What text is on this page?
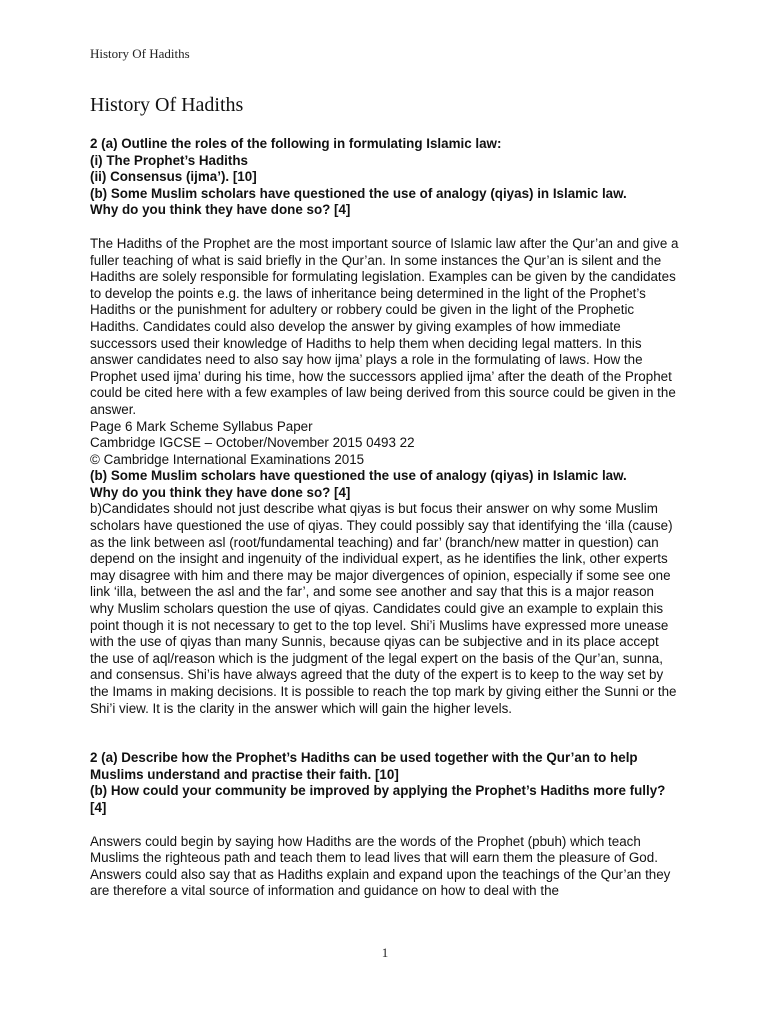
History Of Hadiths
History Of Hadiths

2 (a) Outline the roles of the following in formulating Islamic law:

(i) The Prophet’s Hadiths

(ii) Consensus (ijma’). [10]

(b) Some Muslim scholars have questioned the use of analogy (qiyas) in Islamic law.

Why do you think they have done so? [4]

The Hadiths of the Prophet are the most important source of Islamic law after the Qur’an and give a fuller teaching of what is said briefly in the Qur’an. In some instances the Qur’an is silent and the Hadiths are solely responsible for formulating legislation. Examples can be given by the candidates to develop the points e.g. the laws of inheritance being determined in the light of the Prophet’s Hadiths or the punishment for adultery or robbery could be given in the light of the Prophetic Hadiths. Candidates could also develop the answer by giving examples of how immediate successors used their knowledge of Hadiths to help them when deciding legal matters. In this answer candidates need to also say how ijma’ plays a role in the formulating of laws. How the Prophet used ijma’ during his time, how the successors applied ijma’ after the death of the Prophet could be cited here with a few examples of law being derived from this source could be given in the answer.

Page 6 Mark Scheme Syllabus Paper

Cambridge IGCSE – October/November 2015 0493 22

© Cambridge International Examinations 2015

(b) Some Muslim scholars have questioned the use of analogy (qiyas) in Islamic law.

Why do you think they have done so? [4]

b)Candidates should not just describe what qiyas is but focus their answer on why some Muslim scholars have questioned the use of qiyas. They could possibly say that identifying the ‘illa (cause) as the link between asl (root/fundamental teaching) and far’ (branch/new matter in question) can depend on the insight and ingenuity of the individual expert, as he identifies the link, other experts may disagree with him and there may be major divergences of opinion, especially if some see one link ‘illa, between the asl and the far’, and some see another and say that this is a major reason why Muslim scholars question the use of qiyas. Candidates could give an example to explain this point though it is not necessary to get to the top level. Shi’i Muslims have expressed more unease with the use of qiyas than many Sunnis, because qiyas can be subjective and in its place accept the use of aql/reason which is the judgment of the legal expert on the basis of the Qur’an, sunna, and consensus. Shi’is have always agreed that the duty of the expert is to keep to the way set by the Imams in making decisions. It is possible to reach the top mark by giving either the Sunni or the Shi’i view. It is the clarity in the answer which will gain the higher levels.

2 (a) Describe how the Prophet’s Hadiths can be used together with the Qur’an to help Muslims understand and practise their faith. [10]

(b) How could your community be improved by applying the Prophet’s Hadiths more fully? [4]

Answers could begin by saying how Hadiths are the words of the Prophet (pbuh) which teach Muslims the righteous path and teach them to lead lives that will earn them the pleasure of God. Answers could also say that as Hadiths explain and expand upon the teachings of the Qur’an they are therefore a vital source of information and guidance on how to deal with the

1
